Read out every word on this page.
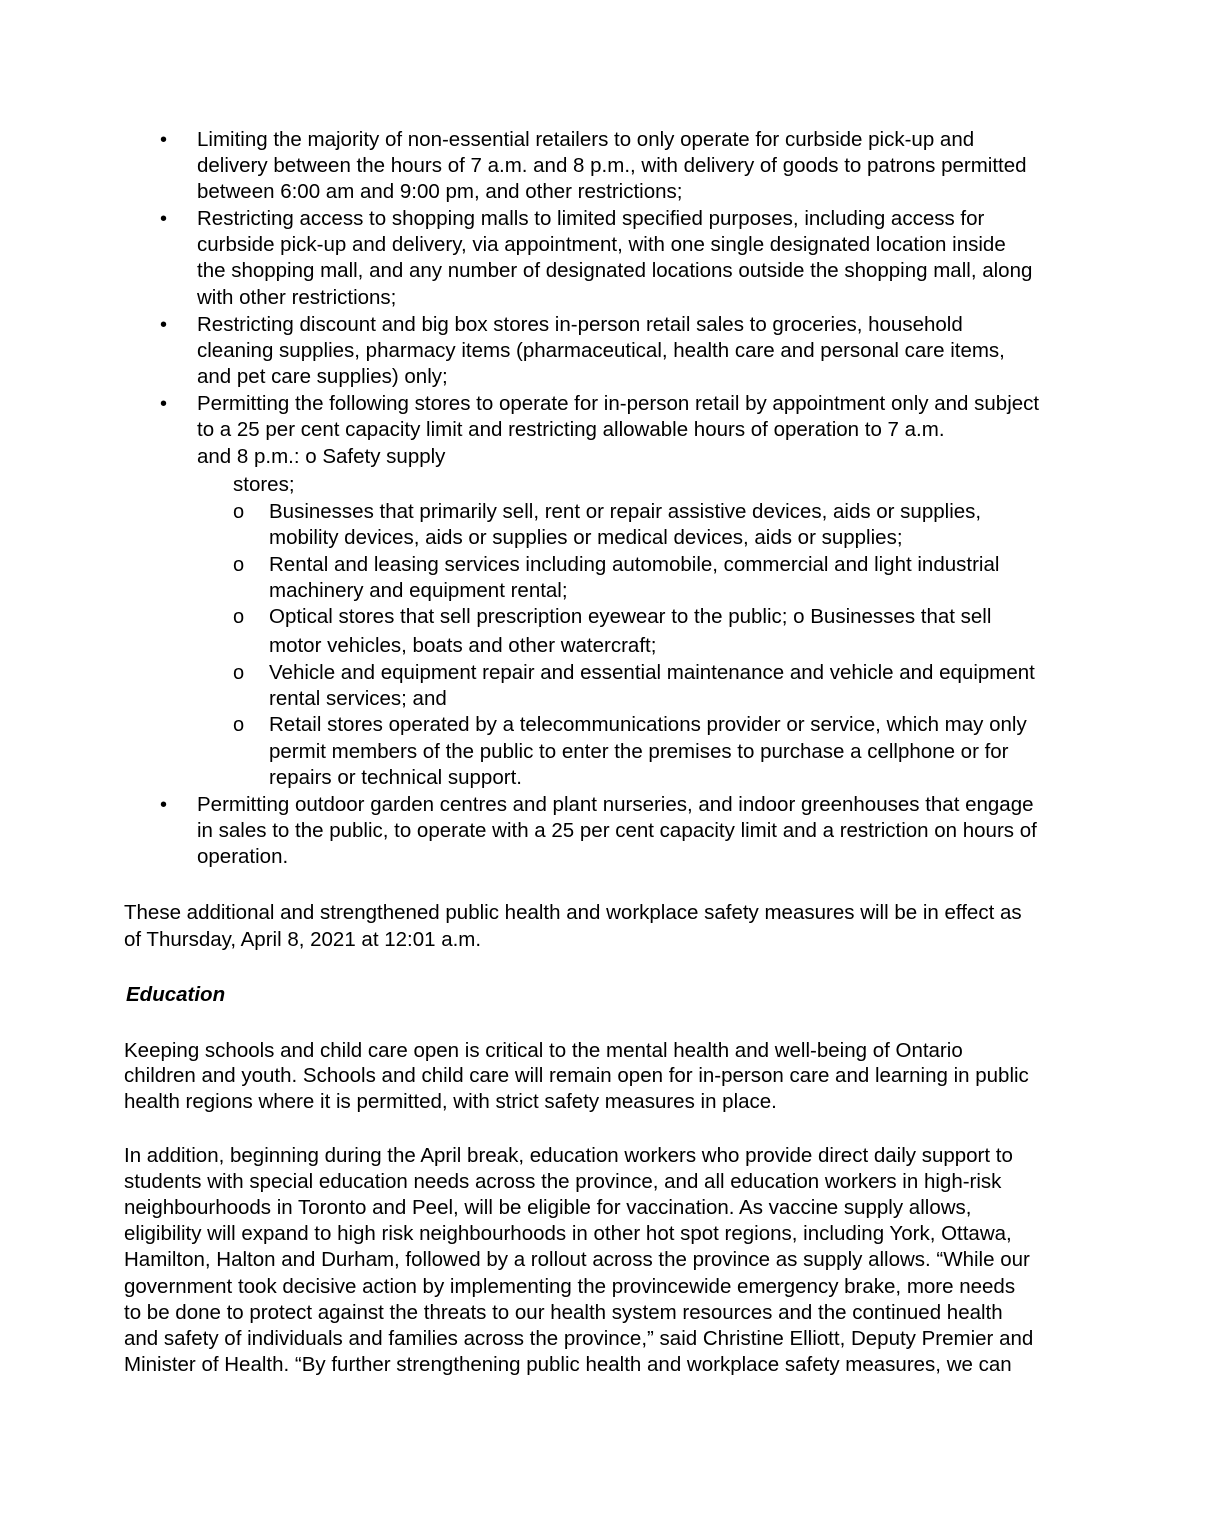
• Limiting the majority of non-essential retailers to only operate for curbside pick-up and
delivery between the hours of 7 a.m. and 8 p.m., with delivery of goods to patrons permitted
between 6:00 am and 9:00 pm, and other restrictions;
• Restricting access to shopping malls to limited specified purposes, including access for
curbside pick-up and delivery, via appointment, with one single designated location inside
the shopping mall, and any number of designated locations outside the shopping mall, along
with other restrictions;
• Restricting discount and big box stores in-person retail sales to groceries, household
cleaning supplies, pharmacy items (pharmaceutical, health care and personal care items,
and pet care supplies) only;
• Permitting the following stores to operate for in-person retail by appointment only and subject
to a 25 per cent capacity limit and restricting allowable hours of operation to 7 a.m.
and 8 p.m.: o Safety supply
stores;
o Businesses that primarily sell, rent or repair assistive devices, aids or supplies,
mobility devices, aids or supplies or medical devices, aids or supplies;
o Rental and leasing services including automobile, commercial and light industrial
machinery and equipment rental;
o Optical stores that sell prescription eyewear to the public; o Businesses that sell
motor vehicles, boats and other watercraft;
o Vehicle and equipment repair and essential maintenance and vehicle and equipment
rental services; and
o Retail stores operated by a telecommunications provider or service, which may only
permit members of the public to enter the premises to purchase a cellphone or for
repairs or technical support.
• Permitting outdoor garden centres and plant nurseries, and indoor greenhouses that engage
in sales to the public, to operate with a 25 per cent capacity limit and a restriction on hours of
operation.
These additional and strengthened public health and workplace safety measures will be in effect as
of Thursday, April 8, 2021 at 12:01 a.m.
Education
Keeping schools and child care open is critical to the mental health and well-being of Ontario
children and youth. Schools and child care will remain open for in-person care and learning in public
health regions where it is permitted, with strict safety measures in place.
In addition, beginning during the April break, education workers who provide direct daily support to
students with special education needs across the province, and all education workers in high-risk
neighbourhoods in Toronto and Peel, will be eligible for vaccination. As vaccine supply allows,
eligibility will expand to high risk neighbourhoods in other hot spot regions, including York, Ottawa,
Hamilton, Halton and Durham, followed by a rollout across the province as supply allows. “While our
government took decisive action by implementing the provincewide emergency brake, more needs
to be done to protect against the threats to our health system resources and the continued health
and safety of individuals and families across the province,” said Christine Elliott, Deputy Premier and
Minister of Health. “By further strengthening public health and workplace safety measures, we can
